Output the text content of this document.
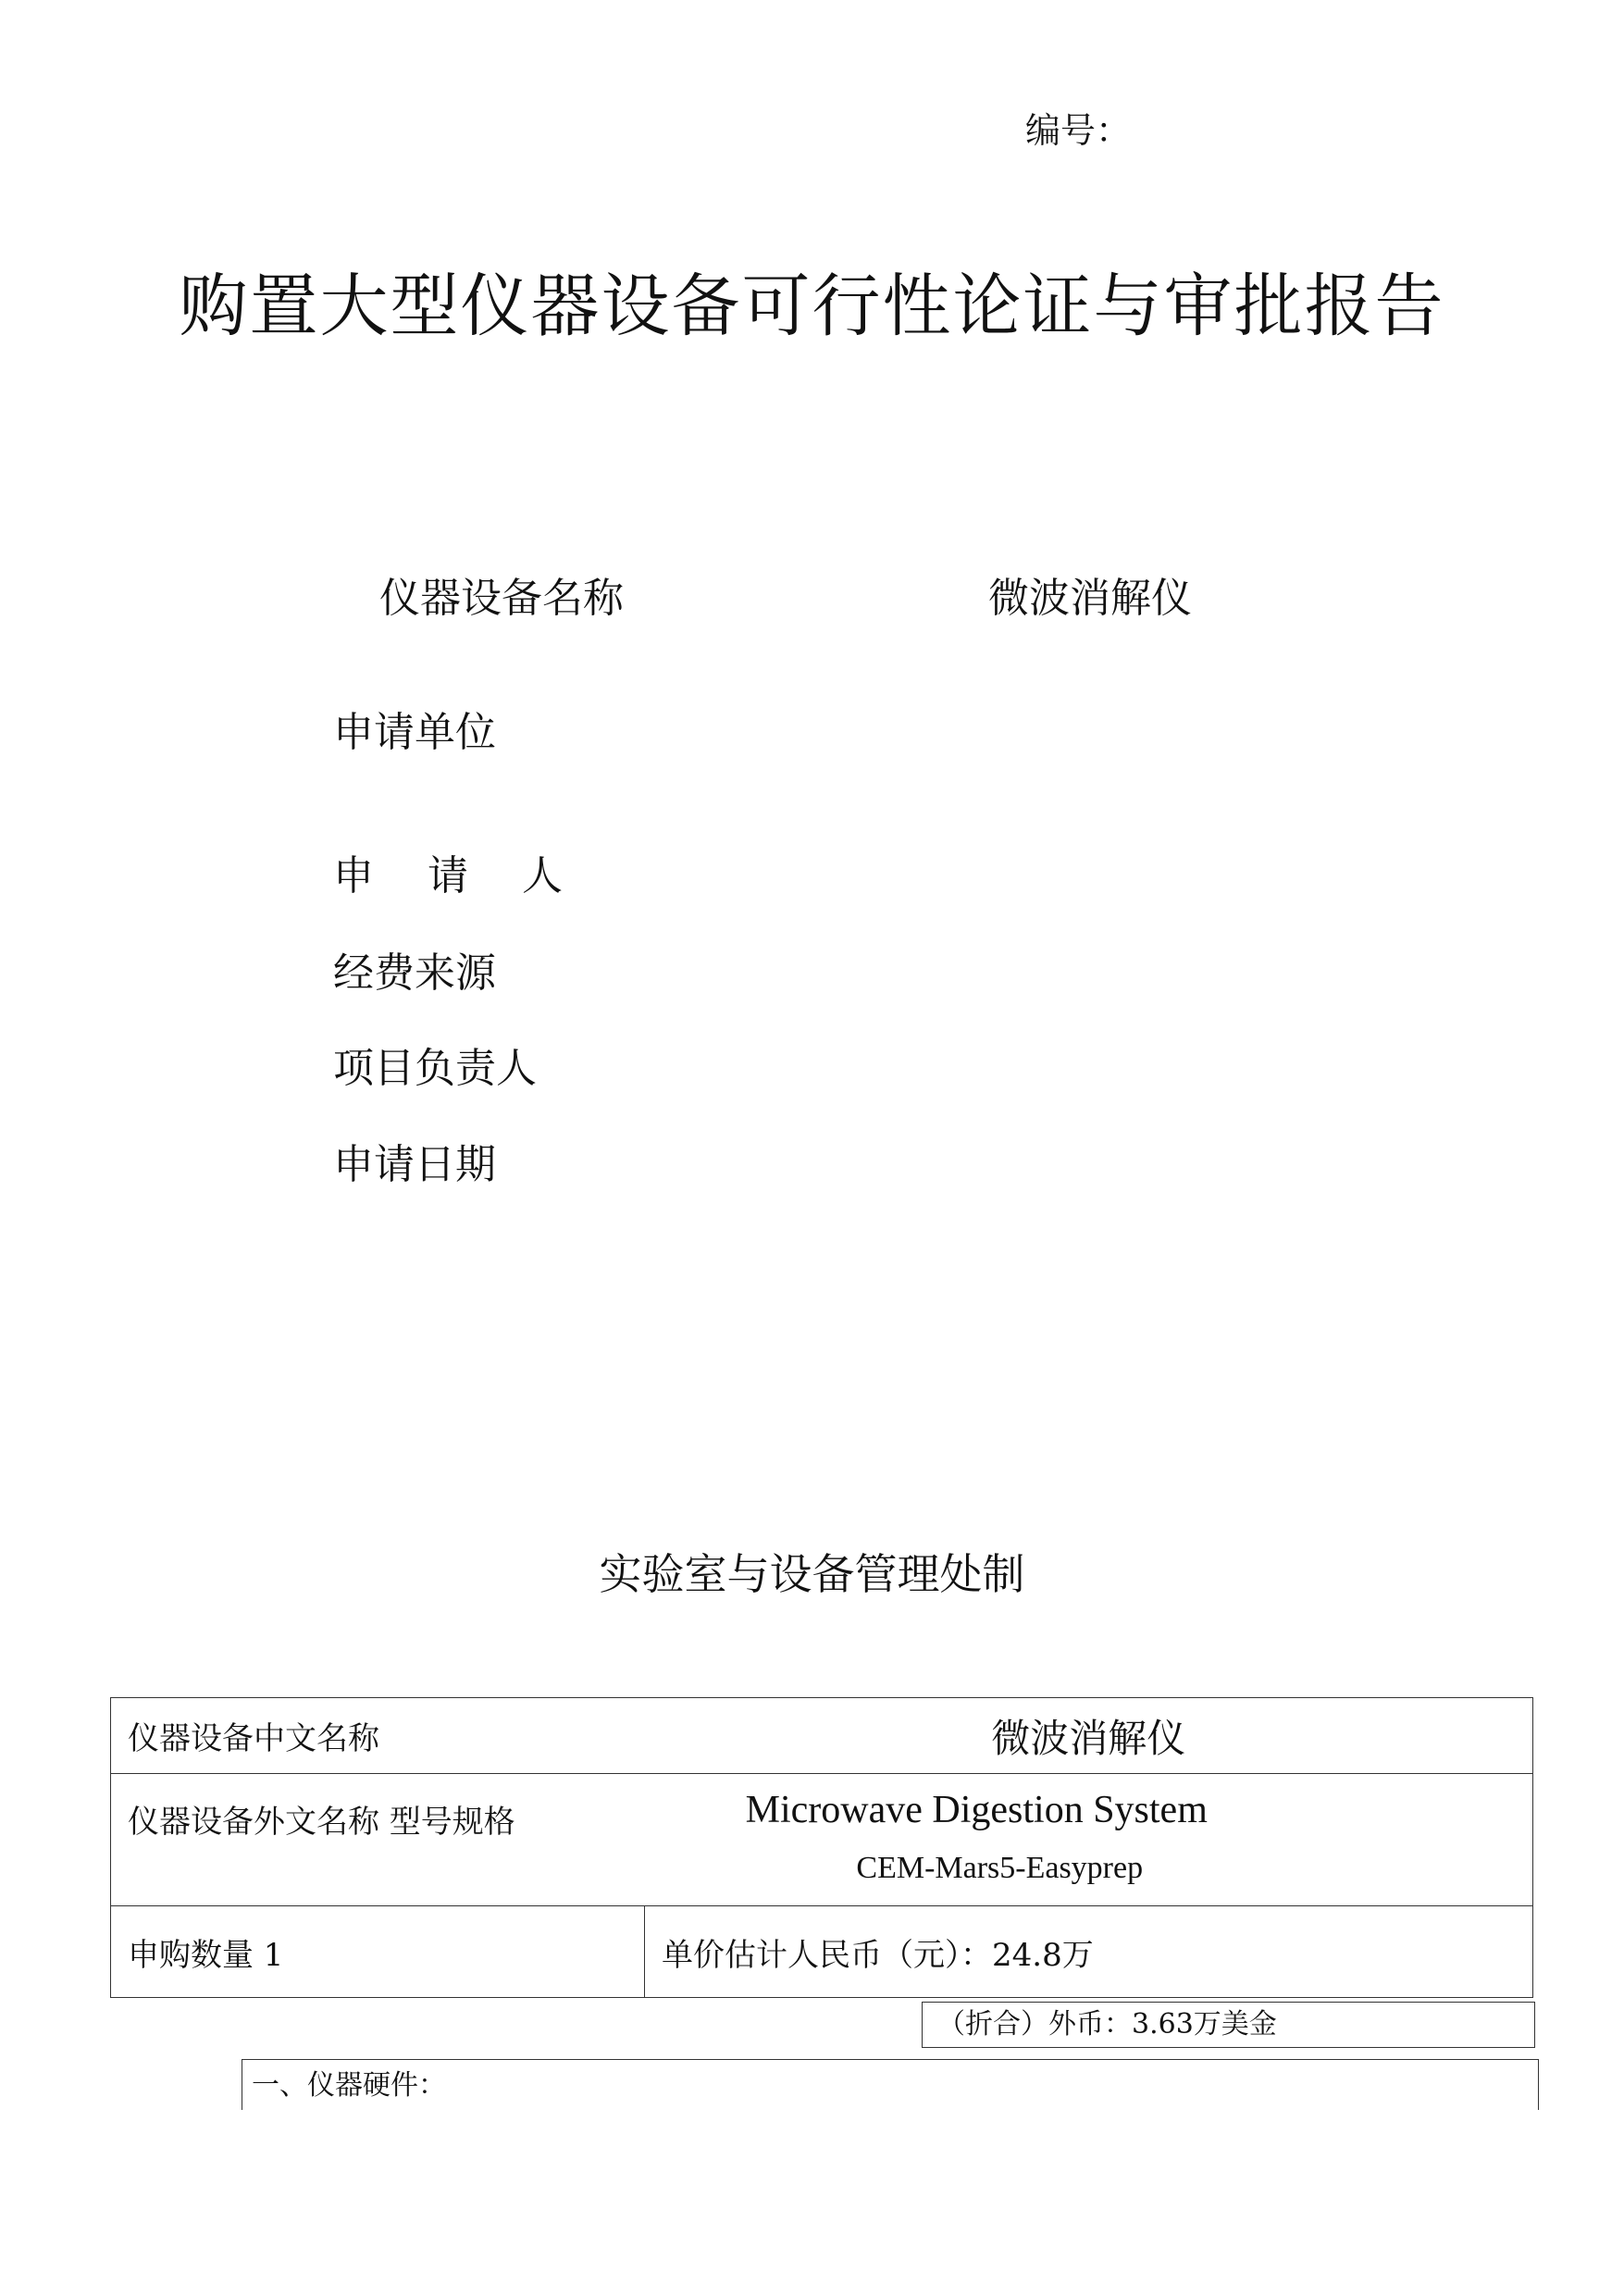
编号：
购置大型仪器设备可行性论证与审批报告
仪器设备名称	微波消解仪
申请单位
申 请 人
经费来源
项目负责人
申请日期
实验室与设备管理处制
仪器设备中文名称	微波消解仪
仪器设备外文名称 型号规格	Microwave Digestion System
CEM-Mars5-Easyprep

申购数量 1	单价估计人民币（元）：24.8万
（折合）外币：3.63万美金
一、仪器硬件：
